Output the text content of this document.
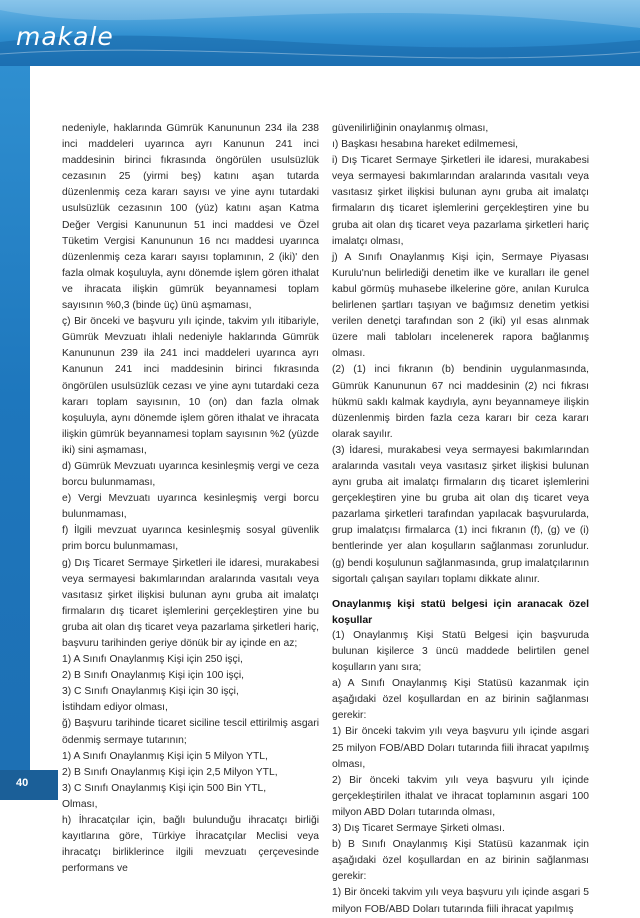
makale
40

nedeniyle, haklarında Gümrük Kanununun 234 ila 238 inci maddeleri uyarınca ayrı Kanunun 241 inci maddesinin birinci fıkrasında öngörülen usulsüzlük cezasının 25 (yirmi beş) katını aşan tutarda düzenlenmiş ceza kararı sayısı ve yine aynı tutardaki usulsüzlük cezasının 100 (yüz) katını aşan Katma Değer Vergisi Kanununun 51 inci maddesi ve Özel Tüketim Vergisi Kanununun 16 ncı maddesi uyarınca düzenlenmiş ceza kararı sayısı toplamının, 2 (iki)' den fazla olmak koşuluyla, aynı dönemde işlem gören ithalat ve ihracata ilişkin gümrük beyannamesi toplam sayısının %0,3 (binde üç) ünü aşmaması,

ç) Bir önceki ve başvuru yılı içinde, takvim yılı itibariyle, Gümrük Mevzuatı ihlali nedeniyle haklarında Gümrük Kanununun 239 ila 241 inci maddeleri uyarınca ayrı Kanunun 241 inci maddesinin birinci fıkrasında öngörülen usulsüzlük cezası ve yine aynı tutardaki ceza kararı toplam sayısının, 10 (on) dan fazla olmak koşuluyla, aynı dönemde işlem gören ithalat ve ihracata ilişkin gümrük beyannamesi toplam sayısının %2 (yüzde iki) sini aşmaması,

d) Gümrük Mevzuatı uyarınca kesinleşmiş vergi ve ceza borcu bulunmaması,

e) Vergi Mevzuatı uyarınca kesinleşmiş vergi borcu bulunmaması,

f) İlgili mevzuat uyarınca kesinleşmiş sosyal güvenlik prim borcu bulunmaması,

g) Dış Ticaret Sermaye Şirketleri ile idaresi, murakabesi veya sermayesi bakımlarından aralarında vasıtalı veya vasıtasız şirket ilişkisi bulunan aynı gruba ait imalatçı firmaların dış ticaret işlemlerini gerçekleştiren yine bu gruba ait olan dış ticaret veya pazarlama şirketleri hariç, başvuru tarihinden geriye dönük bir ay içinde en az;

1) A Sınıfı Onaylanmış Kişi için 250 işçi,

2) B Sınıfı Onaylanmış Kişi için 100 işçi,

3) C Sınıfı Onaylanmış Kişi için 30 işçi,

İstihdam ediyor olması,

ğ) Başvuru tarihinde ticaret siciline tescil ettirilmiş asgari ödenmiş sermaye tutarının;

1) A Sınıfı Onaylanmış Kişi için 5 Milyon YTL,

2) B Sınıfı Onaylanmış Kişi için 2,5 Milyon YTL,

3) C Sınıfı Onaylanmış Kişi için 500 Bin YTL,

Olması,

h) İhracatçılar için, bağlı bulunduğu ihracatçı birliği kayıtlarına göre, Türkiye İhracatçılar Meclisi veya ihracatçı birliklerince ilgili mevzuatı çerçevesinde performans ve

güvenilirliğinin onaylanmış olması,

ı) Başkası hesabına hareket edilmemesi,

i) Dış Ticaret Sermaye Şirketleri ile idaresi, murakabesi veya sermayesi bakımlarından aralarında vasıtalı veya vasıtasız şirket ilişkisi bulunan aynı gruba ait imalatçı firmaların dış ticaret işlemlerini gerçekleştiren yine bu gruba ait olan dış ticaret veya pazarlama şirketleri hariç imalatçı olması,

j) A Sınıfı Onaylanmış Kişi için, Sermaye Piyasası Kurulu'nun belirlediği denetim ilke ve kuralları ile genel kabul görmüş muhasebe ilkelerine göre, anılan Kurulca belirlenen şartları taşıyan ve bağımsız denetim yetkisi verilen denetçi tarafından son 2 (iki) yıl esas alınmak üzere mali tabloları incelenerek rapora bağlanmış olması.

(2) (1) inci fıkranın (b) bendinin uygulanmasında, Gümrük Kanununun 67 nci maddesinin (2) nci fıkrası hükmü saklı kalmak kaydıyla, aynı beyannameye ilişkin düzenlenmiş birden fazla ceza kararı bir ceza kararı olarak sayılır.

(3) İdaresi, murakabesi veya sermayesi bakımlarından aralarında vasıtalı veya vasıtasız şirket ilişkisi bulunan aynı gruba ait imalatçı firmaların dış ticaret işlemlerini gerçekleştiren yine bu gruba ait olan dış ticaret veya pazarlama şirketleri tarafından yapılacak başvurularda, grup imalatçısı firmalarca (1) inci fıkranın (f), (g) ve (i) bentlerinde yer alan koşulların sağlanması zorunludur. (g) bendi koşulunun sağlanmasında, grup imalatçılarının sigortalı çalışan sayıları toplamı dikkate alınır.

Onaylanmış kişi statü belgesi için aranacak özel koşullar

(1) Onaylanmış Kişi Statü Belgesi için başvuruda bulunan kişilerce 3 üncü maddede belirtilen genel koşulların yanı sıra;

a) A Sınıfı Onaylanmış Kişi Statüsü kazanmak için aşağıdaki özel koşullardan en az birinin sağlanması gerekir:

1) Bir önceki takvim yılı veya başvuru yılı içinde asgari 25 milyon FOB/ABD Doları tutarında fiili ihracat yapılmış olması,

2) Bir önceki takvim yılı veya başvuru yılı içinde gerçekleştirilen ithalat ve ihracat toplamının asgari 100 milyon ABD Doları tutarında olması,

3) Dış Ticaret Sermaye Şirketi olması.

b) B Sınıfı Onaylanmış Kişi Statüsü kazanmak için aşağıdaki özel koşullardan en az birinin sağlanması gerekir:

1) Bir önceki takvim yılı veya başvuru yılı içinde asgari 5 milyon FOB/ABD Doları tutarında fiili ihracat yapılmış
